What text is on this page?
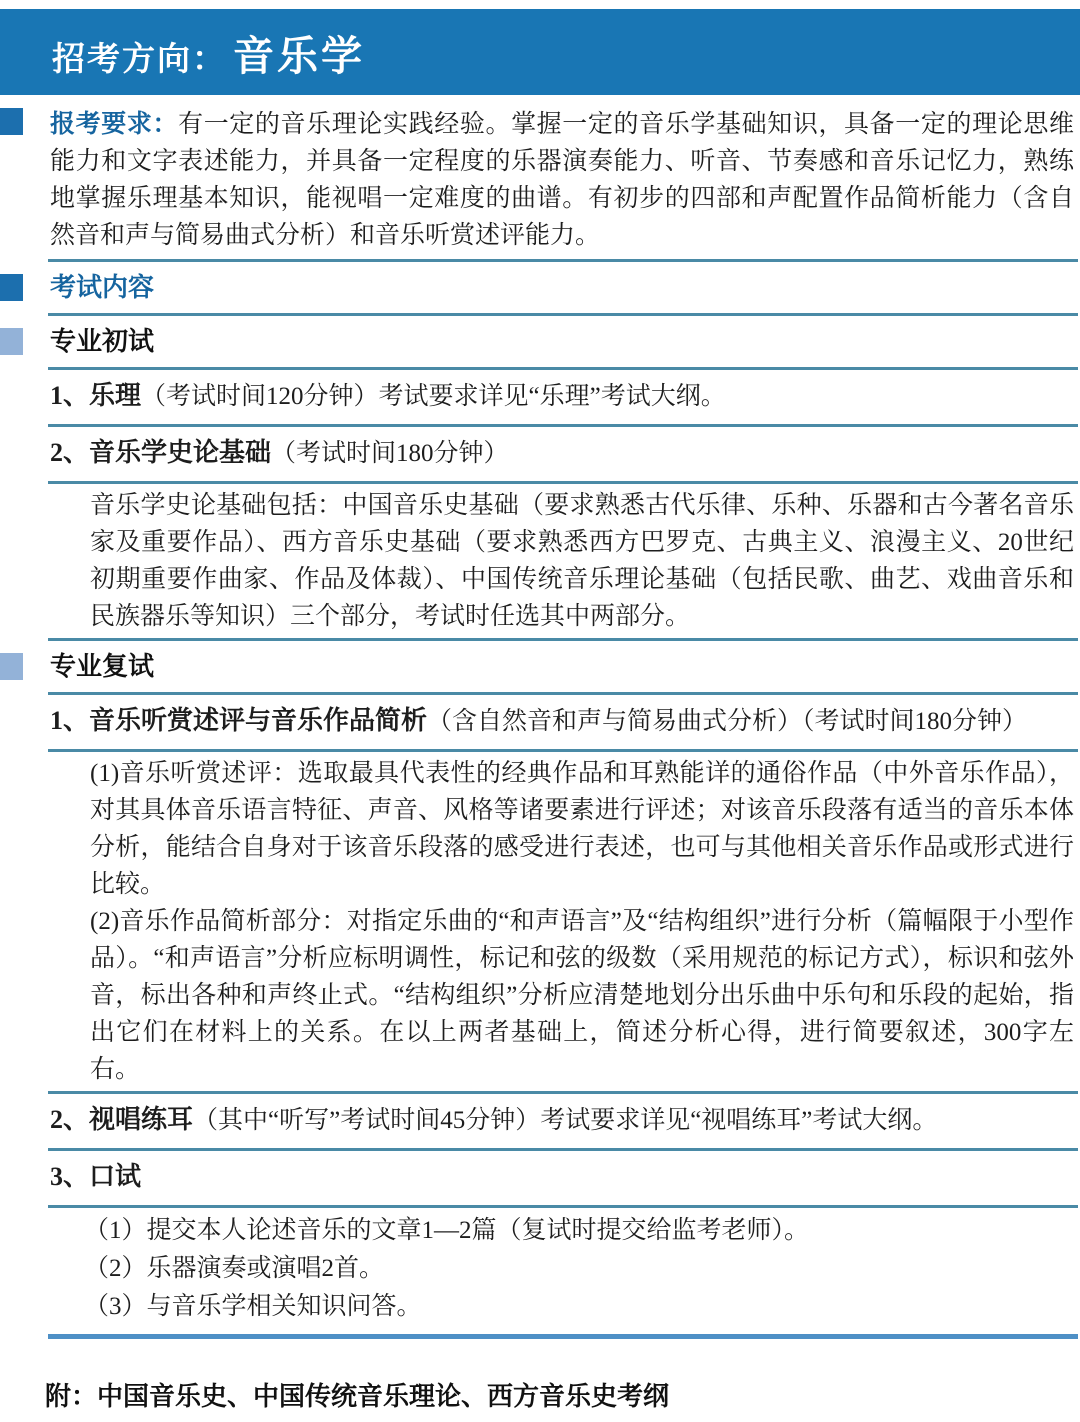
招考方向： 音乐学

报考要求：有一定的音乐理论实践经验。掌握一定的音乐学基础知识，具备一定的理论思维能力和文字表述能力，并具备一定程度的乐器演奏能力、听音、节奏感和音乐记忆力，熟练地掌握乐理基本知识，能视唱一定难度的曲谱。有初步的四部和声配置作品简析能力（含自然音和声与简易曲式分析）和音乐听赏述评能力。

考试内容
专业初试

1、乐理（考试时间120分钟）考试要求详见“乐理”考试大纲。

2、音乐学史论基础（考试时间180分钟）

音乐学史论基础包括：中国音乐史基础（要求熟悉古代乐律、乐种、乐器和古今著名音乐家及重要作品）、西方音乐史基础（要求熟悉西方巴罗克、古典主义、浪漫主义、20世纪初期重要作曲家、作品及体裁）、中国传统音乐理论基础（包括民歌、曲艺、戏曲音乐和民族器乐等知识）三个部分，考试时任选其中两部分。

专业复试

1、音乐听赏述评与音乐作品简析（含自然音和声与简易曲式分析）（考试时间180分钟）

(1)音乐听赏述评：选取最具代表性的经典作品和耳熟能详的通俗作品（中外音乐作品），对其具体音乐语言特征、声音、风格等诸要素进行评述；对该音乐段落有适当的音乐本体分析，能结合自身对于该音乐段落的感受进行表述，也可与其他相关音乐作品或形式进行比较。

(2)音乐作品简析部分：对指定乐曲的“和声语言”及“结构组织”进行分析（篇幅限于小型作品）。“和声语言”分析应标明调性，标记和弦的级数（采用规范的标记方式），标识和弦外音，标出各种和声终止式。“结构组织”分析应清楚地划分出乐曲中乐句和乐段的起始，指出它们在材料上的关系。在以上两者基础上，简述分析心得，进行简要叙述，300字左右。

2、视唱练耳（其中“听写”考试时间45分钟）考试要求详见“视唱练耳”考试大纲。

3、口试

（1）提交本人论述音乐的文章1—2篇（复试时提交给监考老师）。

（2）乐器演奏或演唱2首。

（3）与音乐学相关知识问答。

附：中国音乐史、中国传统音乐理论、西方音乐史考纲
